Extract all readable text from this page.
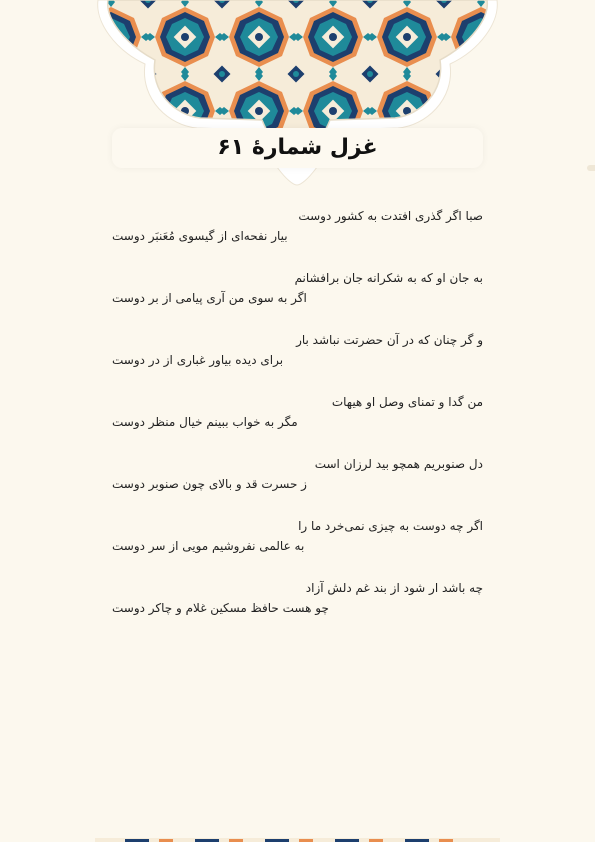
غزل شمارهٔ ۶۱
صبا اگر گذری افتدت به کشور دوست
بیار نفحه‌ای از گیسوی مُعَنبَر دوست
به جان او که به شکرانه جان برافشانم
اگر به سوی من آری پیامی از بر دوست
و گر چنان که در آن حضرتت نباشد بار
برای دیده بیاور غباری از در دوست
من گدا و تمنای وصل او هیهات
مگر به خواب ببینم خیال منظر دوست
دل صنوبریم همچو بید لرزان است
ز حسرت قد و بالای چون صنوبر دوست
اگر چه دوست به چیزی نمی‌خرد ما را
به عالمی نفروشیم مویی از سر دوست
چه باشد ار شود از بند غم دلش آزاد
چو هست حافظ مسکین غلام و چاکر دوست
